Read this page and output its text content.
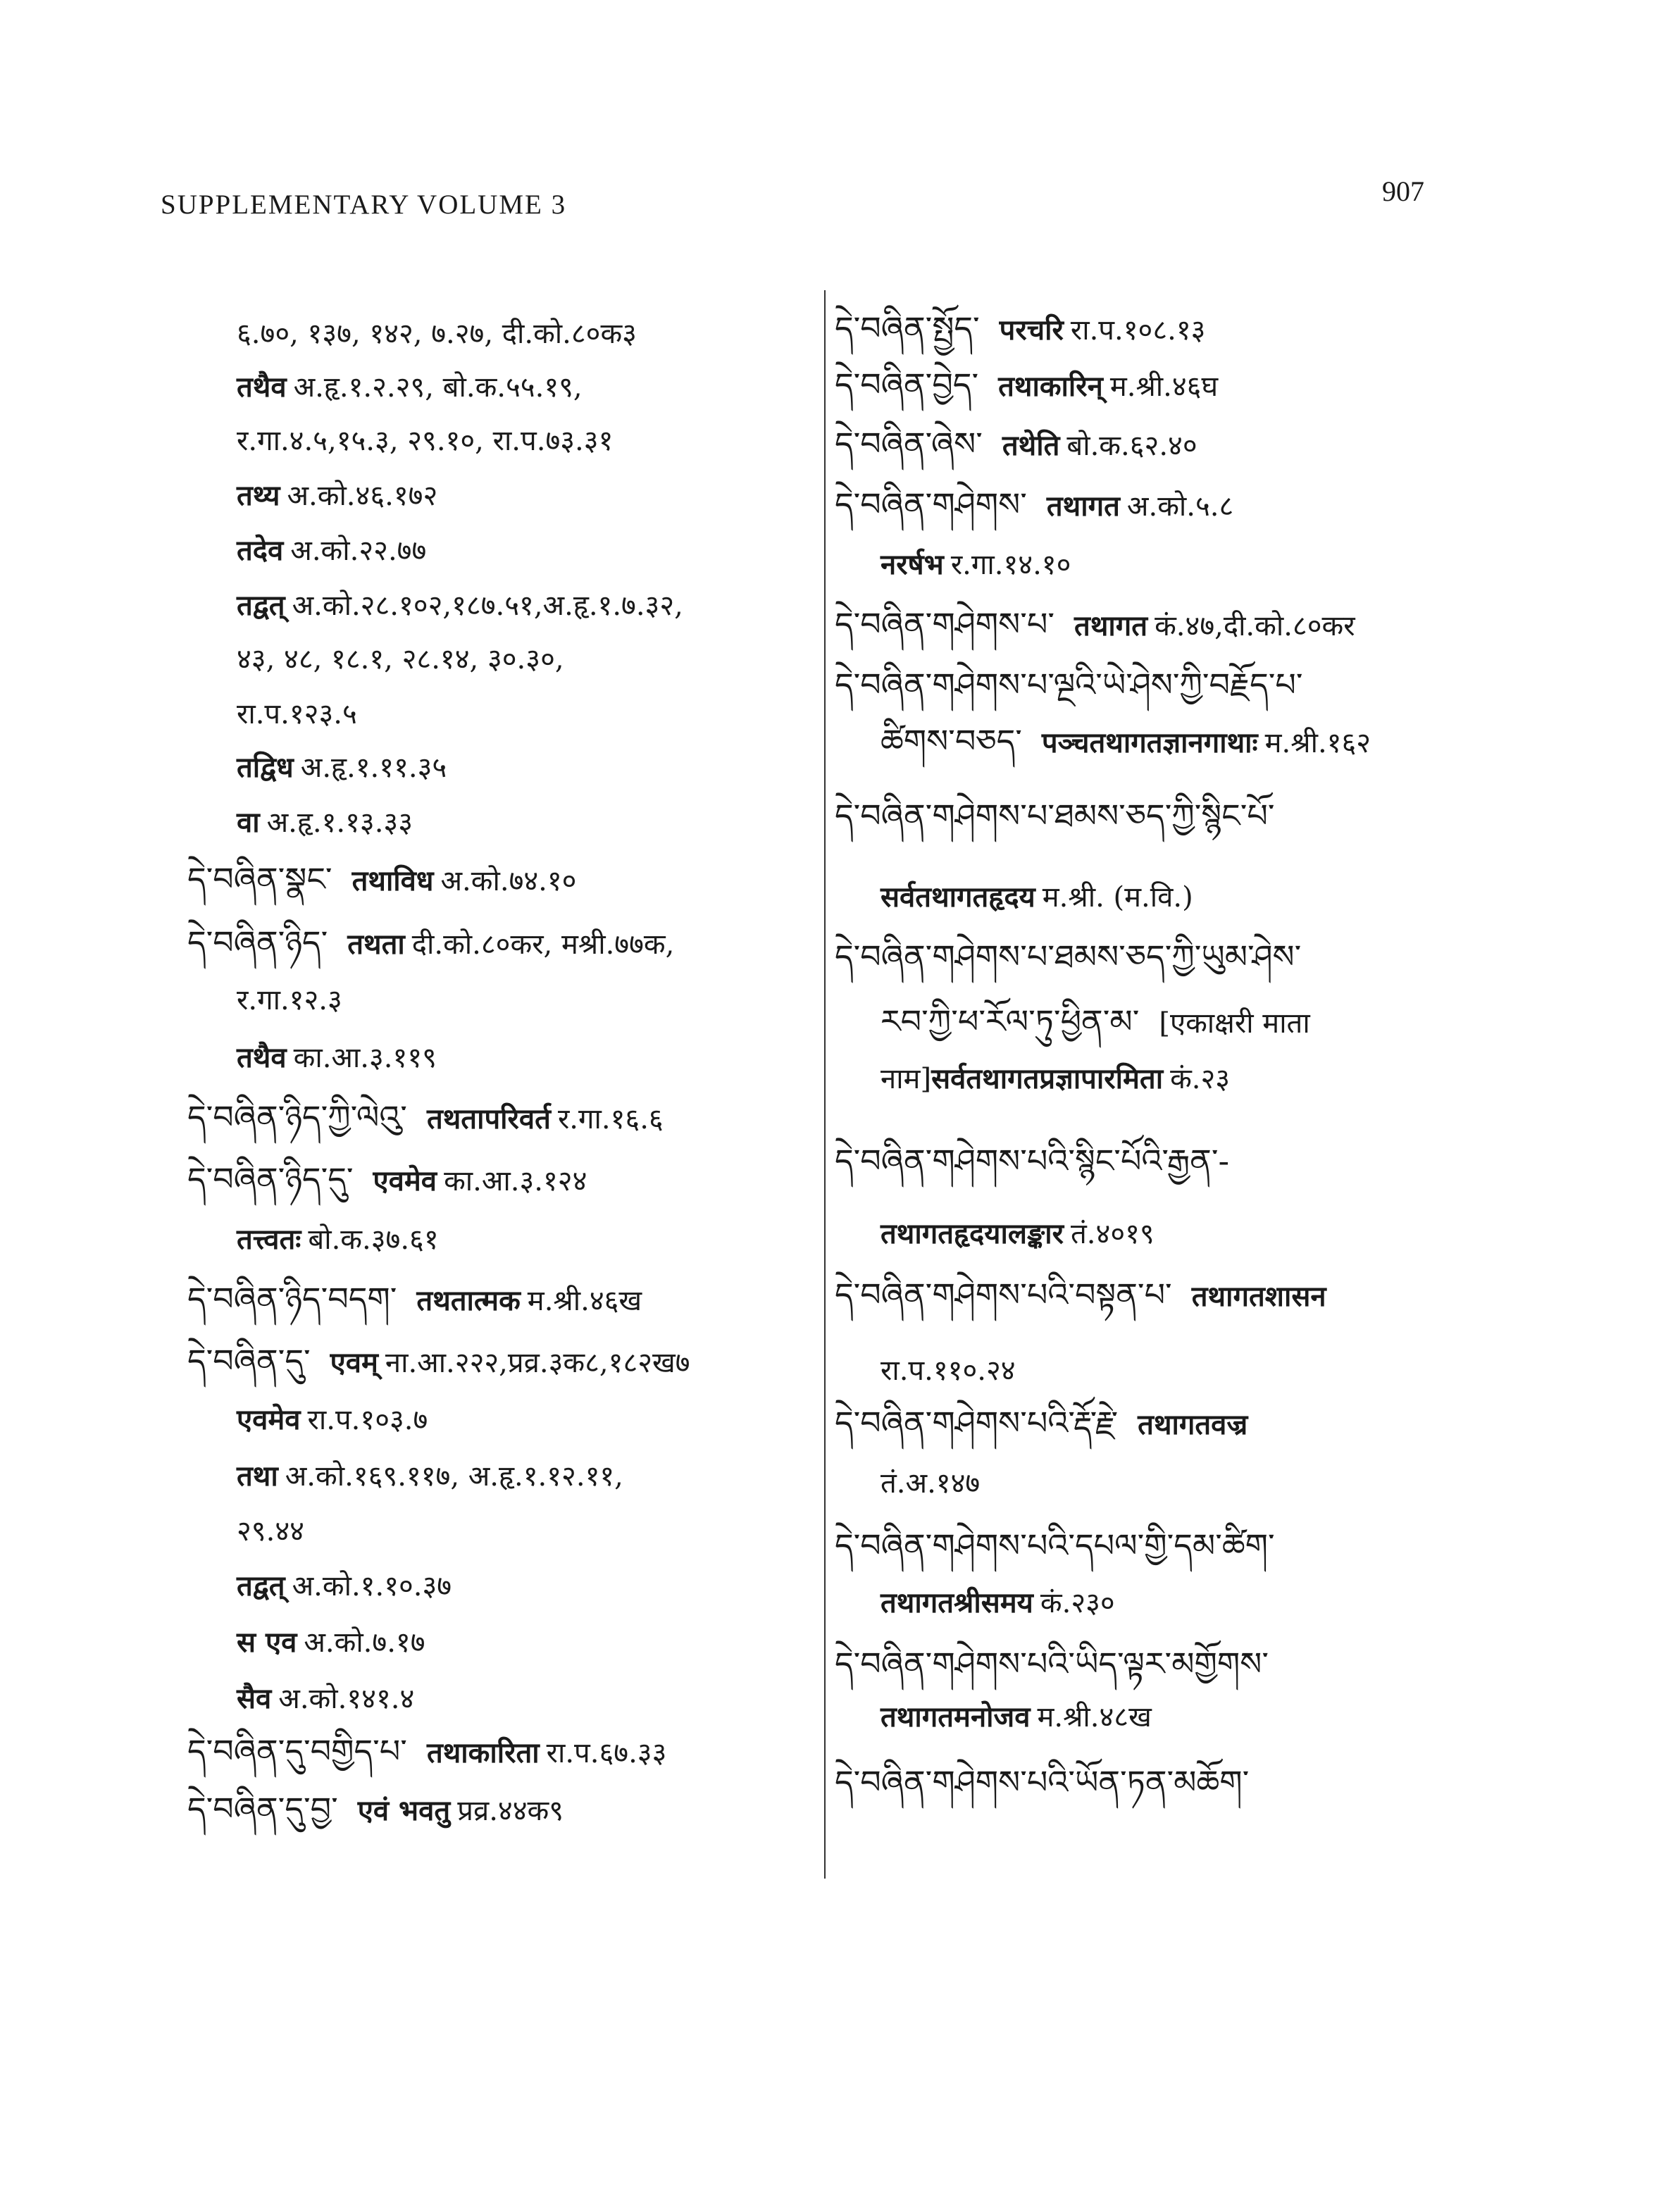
SUPPLEMENTARY VOLUME 3	907
६.७०, १३७, १४२, ७.२७, दी.को.८०क३
तथैव अ.हृ.१.२.२९, बो.क.५५.१९,
र.गा.४.५,१५.३, २९.१०, रा.प.७३.३१
तथ्य अ.को.४६.१७२
तदेव अ.को.२२.७७
तद्वत् अ.को.२८.१०२,१८७.५१,अ.हृ.१.७.३२,
४३, ४८, १८.१, २८.१४, ३०.३०,
रा.प.१२३.५
तद्विध अ.हृ.१.११.३५
वा अ.हृ.१.१३.३३
དེ་བཞིན་སྣང་ तथाविध अ.को.७४.१०
དེ་བཞིན་ཉིད་ तथता दी.को.८०कर, मश्री.७७क,
र.गा.१२.३
तथैव का.आ.३.११९
དེ་བཞིན་ཉིད་ཀྱི་ལེའུ་ तथतापरिवर्त र.गा.१६.६
དེ་བཞིན་ཉིད་དུ་ एवमेव का.आ.३.१२४
तत्त्वतः बो.क.३७.६१
དེ་བཞིན་ཉིད་བདག་ तथतात्मक म.श्री.४६ख
དེ་བཞིན་དུ་ एवम् ना.आ.२२२,प्रव्र.३क८,१८२ख७
एवमेव रा.प.१०३.७
तथा अ.को.१६९.११७, अ.हृ.१.१२.११,
२९.४४
तद्वत् अ.को.१.१०.३७
स एव अ.को.७.१७
सैव अ.को.१४१.४
དེ་བཞིན་དུ་བགྱིད་པ་ तथाकारिता रा.प.६७.३३
དེ་བཞིན་དུ་བྱ་ एवं भवतु प्रव्र.४४क९
དེ་བཞིན་སྤྱོད་ परचरि रा.प.१०८.१३
དེ་བཞིན་བྱེད་ तथाकारिन् म.श्री.४६घ
དེ་བཞིན་ཞེས་ तथेति बो.क.६२.४०
དེ་བཞིན་གཤེགས་ तथागत अ.को.५.८
नरर्षभ र.गा.१४.१०
དེ་བཞིན་གཤེགས་པ་ तथागत कं.४७,दी.को.८०कर
དེ་བཞིན་གཤེགས་པ་ལྔའི་ཡེ་ཤེས་ཀྱི་བརྗོད་པ་
ཚིགས་བཅད་ पञ्चतथागतज्ञानगाथाः म.श्री.१६२
དེ་བཞིན་གཤེགས་པ་ཐམས་ཅད་ཀྱི་སྙིང་པོ་
सर्वतथागतहृदय म.श्री. (म.वि.)
དེ་བཞིན་གཤེགས་པ་ཐམས་ཅད་ཀྱི་ཡུམ་ཤེས་
རབ་ཀྱི་ཕ་རོལ་ཏུ་ཕྱིན་མ་ [एकाक्षरी माता
नाम]सर्वतथागतप्रज्ञापारमिता कं.२३
དེ་བཞིན་གཤེགས་པའི་སྙིང་པོའི་རྒྱན་-
तथागतहृदयालङ्कार तं.४०१९
དེ་བཞིན་གཤེགས་པའི་བསྟན་པ་ तथागतशासन
रा.प.११०.२४
དེ་བཞིན་གཤེགས་པའི་རྡོ་རྗེ་ तथागतवज्र
तं.अ.१४७
དེ་བཞིན་གཤེགས་པའི་དཔལ་གྱི་དམ་ཚིག་
तथागतश्रीसमय कं.२३०
དེ་བཞིན་གཤེགས་པའི་ཡིད་ལྟར་མགྱོགས་
तथागतमनोजव म.श्री.४८ख
དེ་བཞིན་གཤེགས་པའི་ཡོན་ཏན་མཆོག་
